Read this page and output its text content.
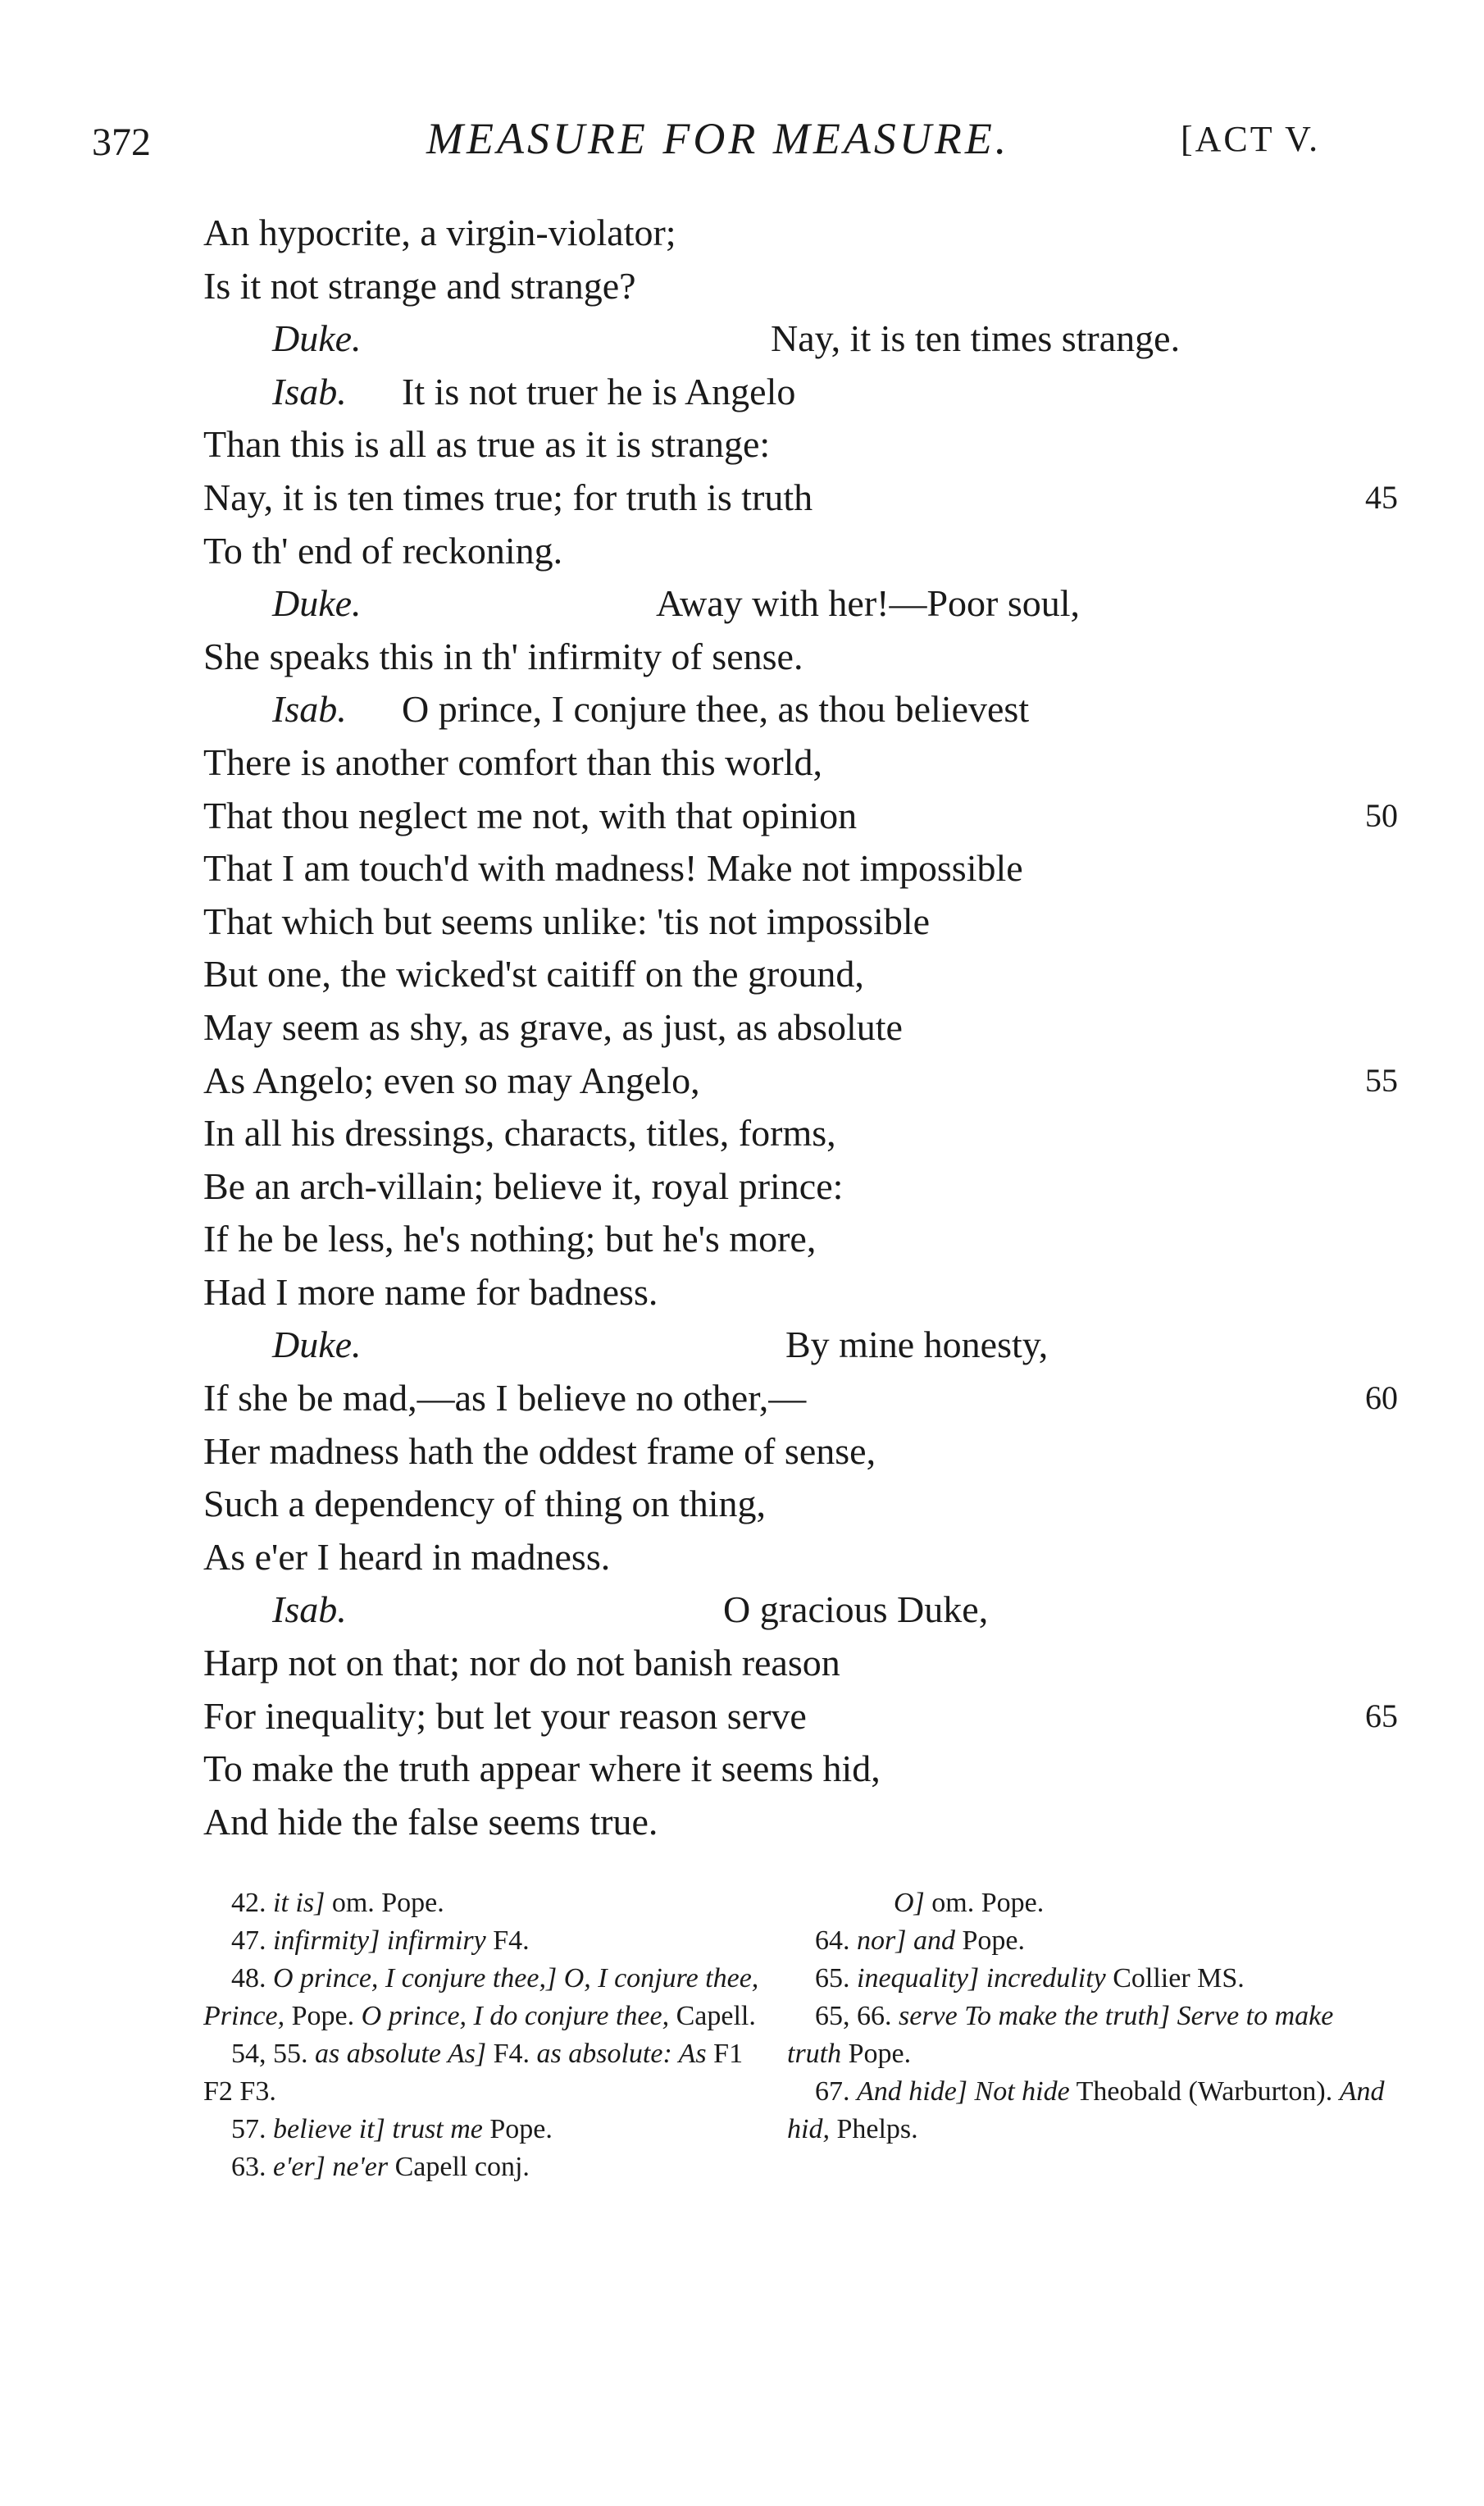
372	MEASURE FOR MEASURE.	[ACT V.
An hypocrite, a virgin-violator;
Is it not strange and strange?
Duke.	Nay, it is ten times strange.
Isab. It is not truer he is Angelo
Than this is all as true as it is strange:
Nay, it is ten times true; for truth is truth	45
To th' end of reckoning.
Duke.	Away with her!—Poor soul,
She speaks this in th' infirmity of sense.
Isab. O prince, I conjure thee, as thou believest
There is another comfort than this world,
That thou neglect me not, with that opinion	50
That I am touch'd with madness! Make not impossible
That which but seems unlike: 'tis not impossible
But one, the wicked'st caitiff on the ground,
May seem as shy, as grave, as just, as absolute
As Angelo; even so may Angelo,	55
In all his dressings, characts, titles, forms,
Be an arch-villain; believe it, royal prince:
If he be less, he's nothing; but he's more,
Had I more name for badness.
Duke.	By mine honesty,
If she be mad,—as I believe no other,—	60
Her madness hath the oddest frame of sense,
Such a dependency of thing on thing,
As e'er I heard in madness.
Isab.	O gracious Duke,
Harp not on that; nor do not banish reason
For inequality; but let your reason serve	65
To make the truth appear where it seems hid,
And hide the false seems true.

42. it is] om. Pope.

47. infirmity] infirmiry F4.

48. O prince, I conjure thee,] O, I conjure thee, Prince, Pope. O prince, I do conjure thee, Capell.

54, 55. as absolute As] F4. as absolute: As F1 F2 F3.

57. believe it] trust me Pope.

63. e'er] ne'er Capell conj.

O] om. Pope.

64. nor] and Pope.

65. inequality] incredulity Collier MS.

65, 66. serve To make the truth] Serve to make truth Pope.

67. And hide] Not hide Theobald (Warburton). And hid, Phelps.
